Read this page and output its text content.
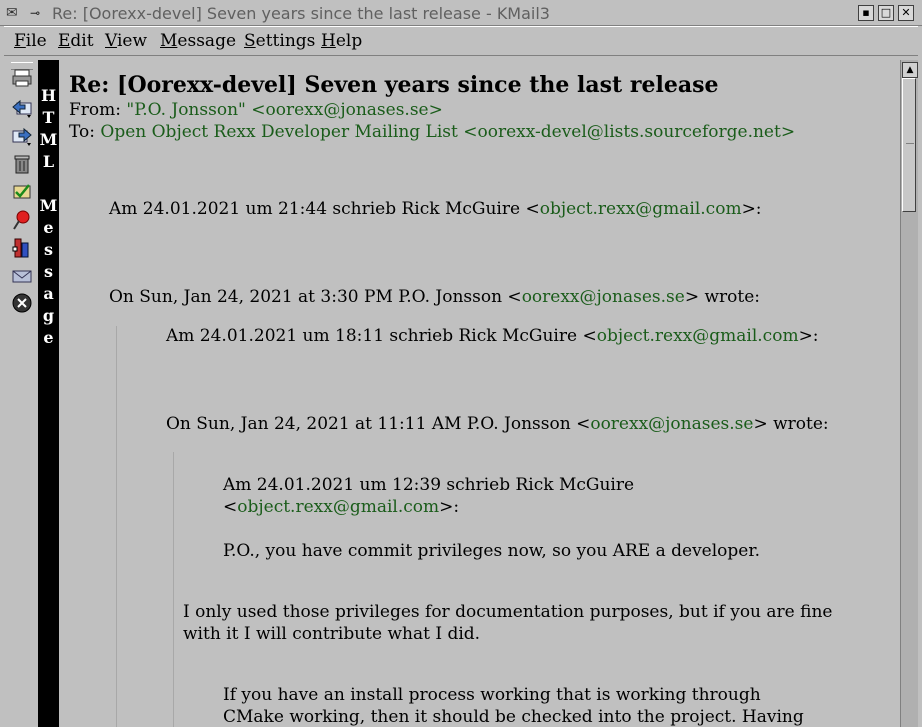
✉	⊸ Re: [Oorexx-devel] Seven years since the last release - KMail3	▪	□ ✕
File Edit View Message Settings Help
H
T
M
L
M
e
s
s
a
g
e
Re: [Oorexx-devel] Seven years since the last release
From: "P.O. Jonsson" <oorexx@jonases.se>
To: Open Object Rexx Developer Mailing List <oorexx-devel@lists.sourceforge.net>
Am 24.01.2021 um 21:44 schrieb Rick McGuire <object.rexx@gmail.com>:
On Sun, Jan 24, 2021 at 3:30 PM P.O. Jonsson <oorexx@jonases.se> wrote:
Am 24.01.2021 um 18:11 schrieb Rick McGuire <object.rexx@gmail.com>:
On Sun, Jan 24, 2021 at 11:11 AM P.O. Jonsson <oorexx@jonases.se> wrote:
Am 24.01.2021 um 12:39 schrieb Rick McGuire
<object.rexx@gmail.com>:
P.O., you have commit privileges now, so you ARE a developer.
I only used those privileges for documentation purposes, but if you are fine
with it I will contribute what I did.
If you have an install process working that is working through
CMake working, then it should be checked into the project. Having
▲
